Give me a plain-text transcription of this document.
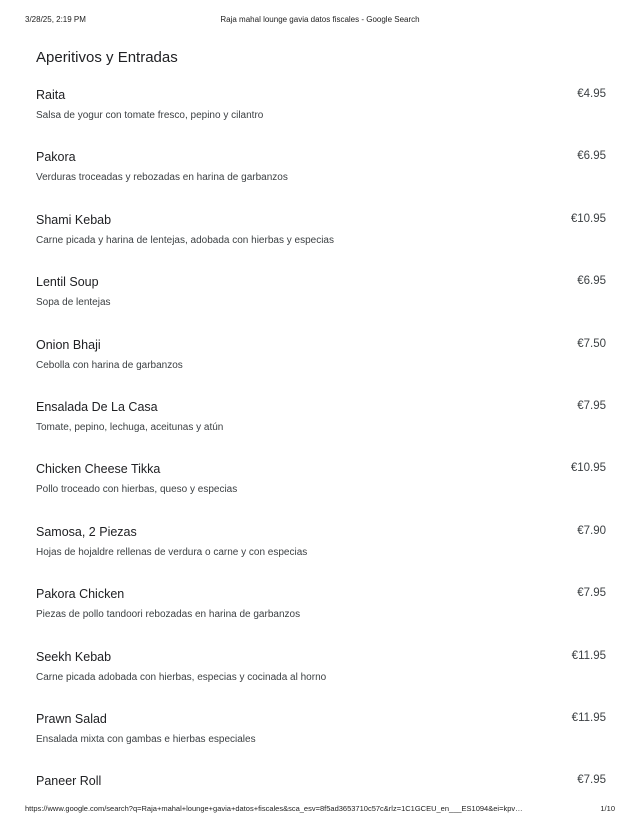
3/28/25, 2:19 PM	Raja mahal lounge gavia datos fiscales - Google Search
Aperitivos y Entradas
Raita	€4.95
Salsa de yogur con tomate fresco, pepino y cilantro
Pakora	€6.95
Verduras troceadas y rebozadas en harina de garbanzos
Shami Kebab	€10.95
Carne picada y harina de lentejas, adobada con hierbas y especias
Lentil Soup	€6.95
Sopa de lentejas
Onion Bhaji	€7.50
Cebolla con harina de garbanzos
Ensalada De La Casa	€7.95
Tomate, pepino, lechuga, aceitunas y atún
Chicken Cheese Tikka	€10.95
Pollo troceado con hierbas, queso y especias
Samosa, 2 Piezas	€7.90
Hojas de hojaldre rellenas de verdura o carne y con especias
Pakora Chicken	€7.95
Piezas de pollo tandoori rebozadas en harina de garbanzos
Seekh Kebab	€11.95
Carne picada adobada con hierbas, especias y cocinada al horno
Prawn Salad	€11.95
Ensalada mixta con gambas e hierbas especiales
Paneer Roll	€7.95
https://www.google.com/search?q=Raja+mahal+lounge+gavia+datos+fiscales&sca_esv=8f5ad3653710c57c&rlz=1C1GCEU_en___ES1094&ei=kpv…	1/10
